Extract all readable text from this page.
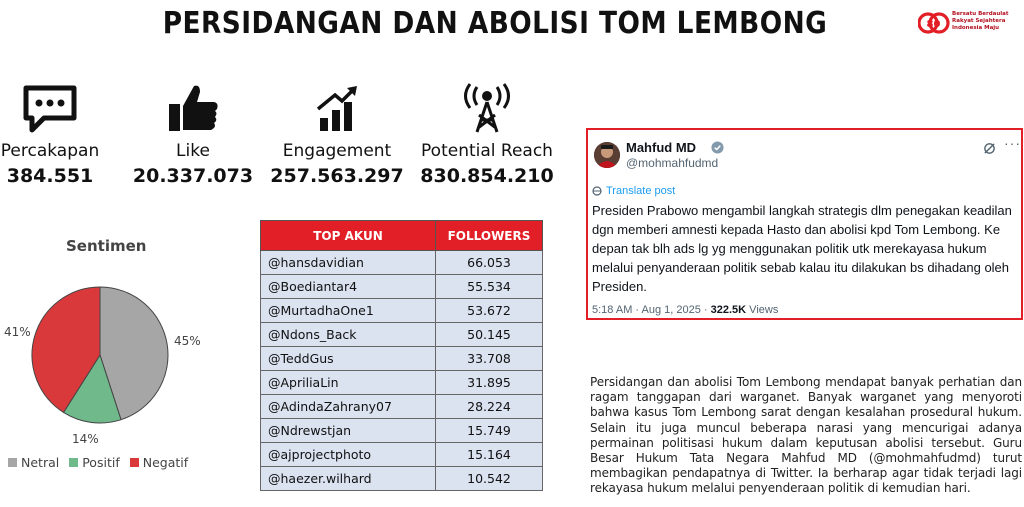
PERSIDANGAN DAN ABOLISI TOM LEMBONG	80
Bersatu Berdaulat Rakyat Sejahtera Indonesia Maju
Percakapan
384.551
Like
20.337.073
Engagement
257.563.297
Potential Reach
830.854.210
Sentimen
45%
14%
41%
Netral Positif Negatif
TOP AKUN	FOLLOWERS
@hansdavidian	66.053
@Boediantar4	55.534
@MurtadhaOne1	53.672
@Ndons_Back	50.145
@TeddGus	33.708
@ApriliaLin	31.895
@AdindaZahrany07	28.224
@Ndrewstjan	15.749
@ajprojectphoto	15.164
@haezer.wilhard	10.542
Mahfud MD
@mohmahfudmd
···
Translate post
Presiden Prabowo mengambil langkah strategis dlm penegakan keadilan dgn memberi amnesti kepada Hasto dan abolisi kpd Tom Lembong. Ke depan tak blh ads lg yg menggunakan politik utk merekayasa hukum melalui penyanderaan politik sebab kalau itu dilakukan bs dihadang oleh Presiden.
5:18 AM · Aug 1, 2025 · 322.5K Views
Persidangan dan abolisi Tom Lembong mendapat banyak perhatian dan ragam tanggapan dari warganet. Banyak warganet yang menyoroti bahwa kasus Tom Lembong sarat dengan kesalahan prosedural hukum. Selain itu juga muncul beberapa narasi yang mencurigai adanya permainan politisasi hukum dalam keputusan abolisi tersebut. Guru Besar Hukum Tata Negara Mahfud MD (@mohmahfudmd) turut membagikan pendapatnya di Twitter. Ia berharap agar tidak terjadi lagi rekayasa hukum melalui penyenderaan politik di kemudian hari.
